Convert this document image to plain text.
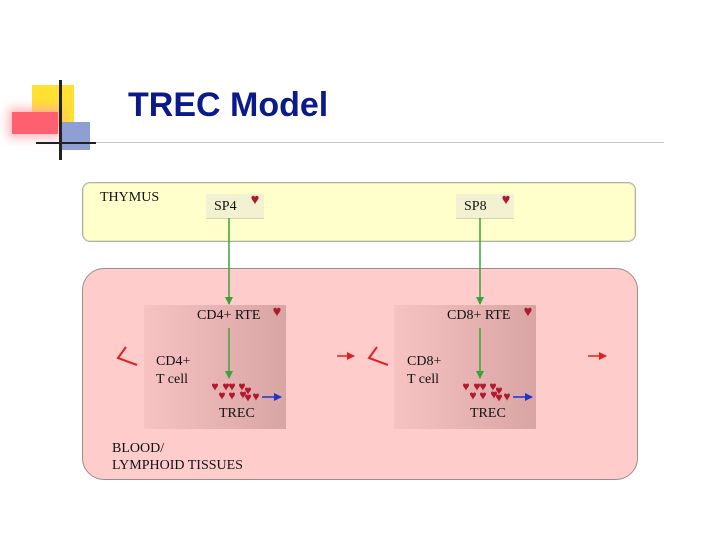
TREC Model
THYMUS
SP4	SP8
CD4+ RTE	CD8+ RTE
CD4+
T cell
CD8+
T cell
TREC	TREC
BLOOD/
LYMPHOID TISSUES
